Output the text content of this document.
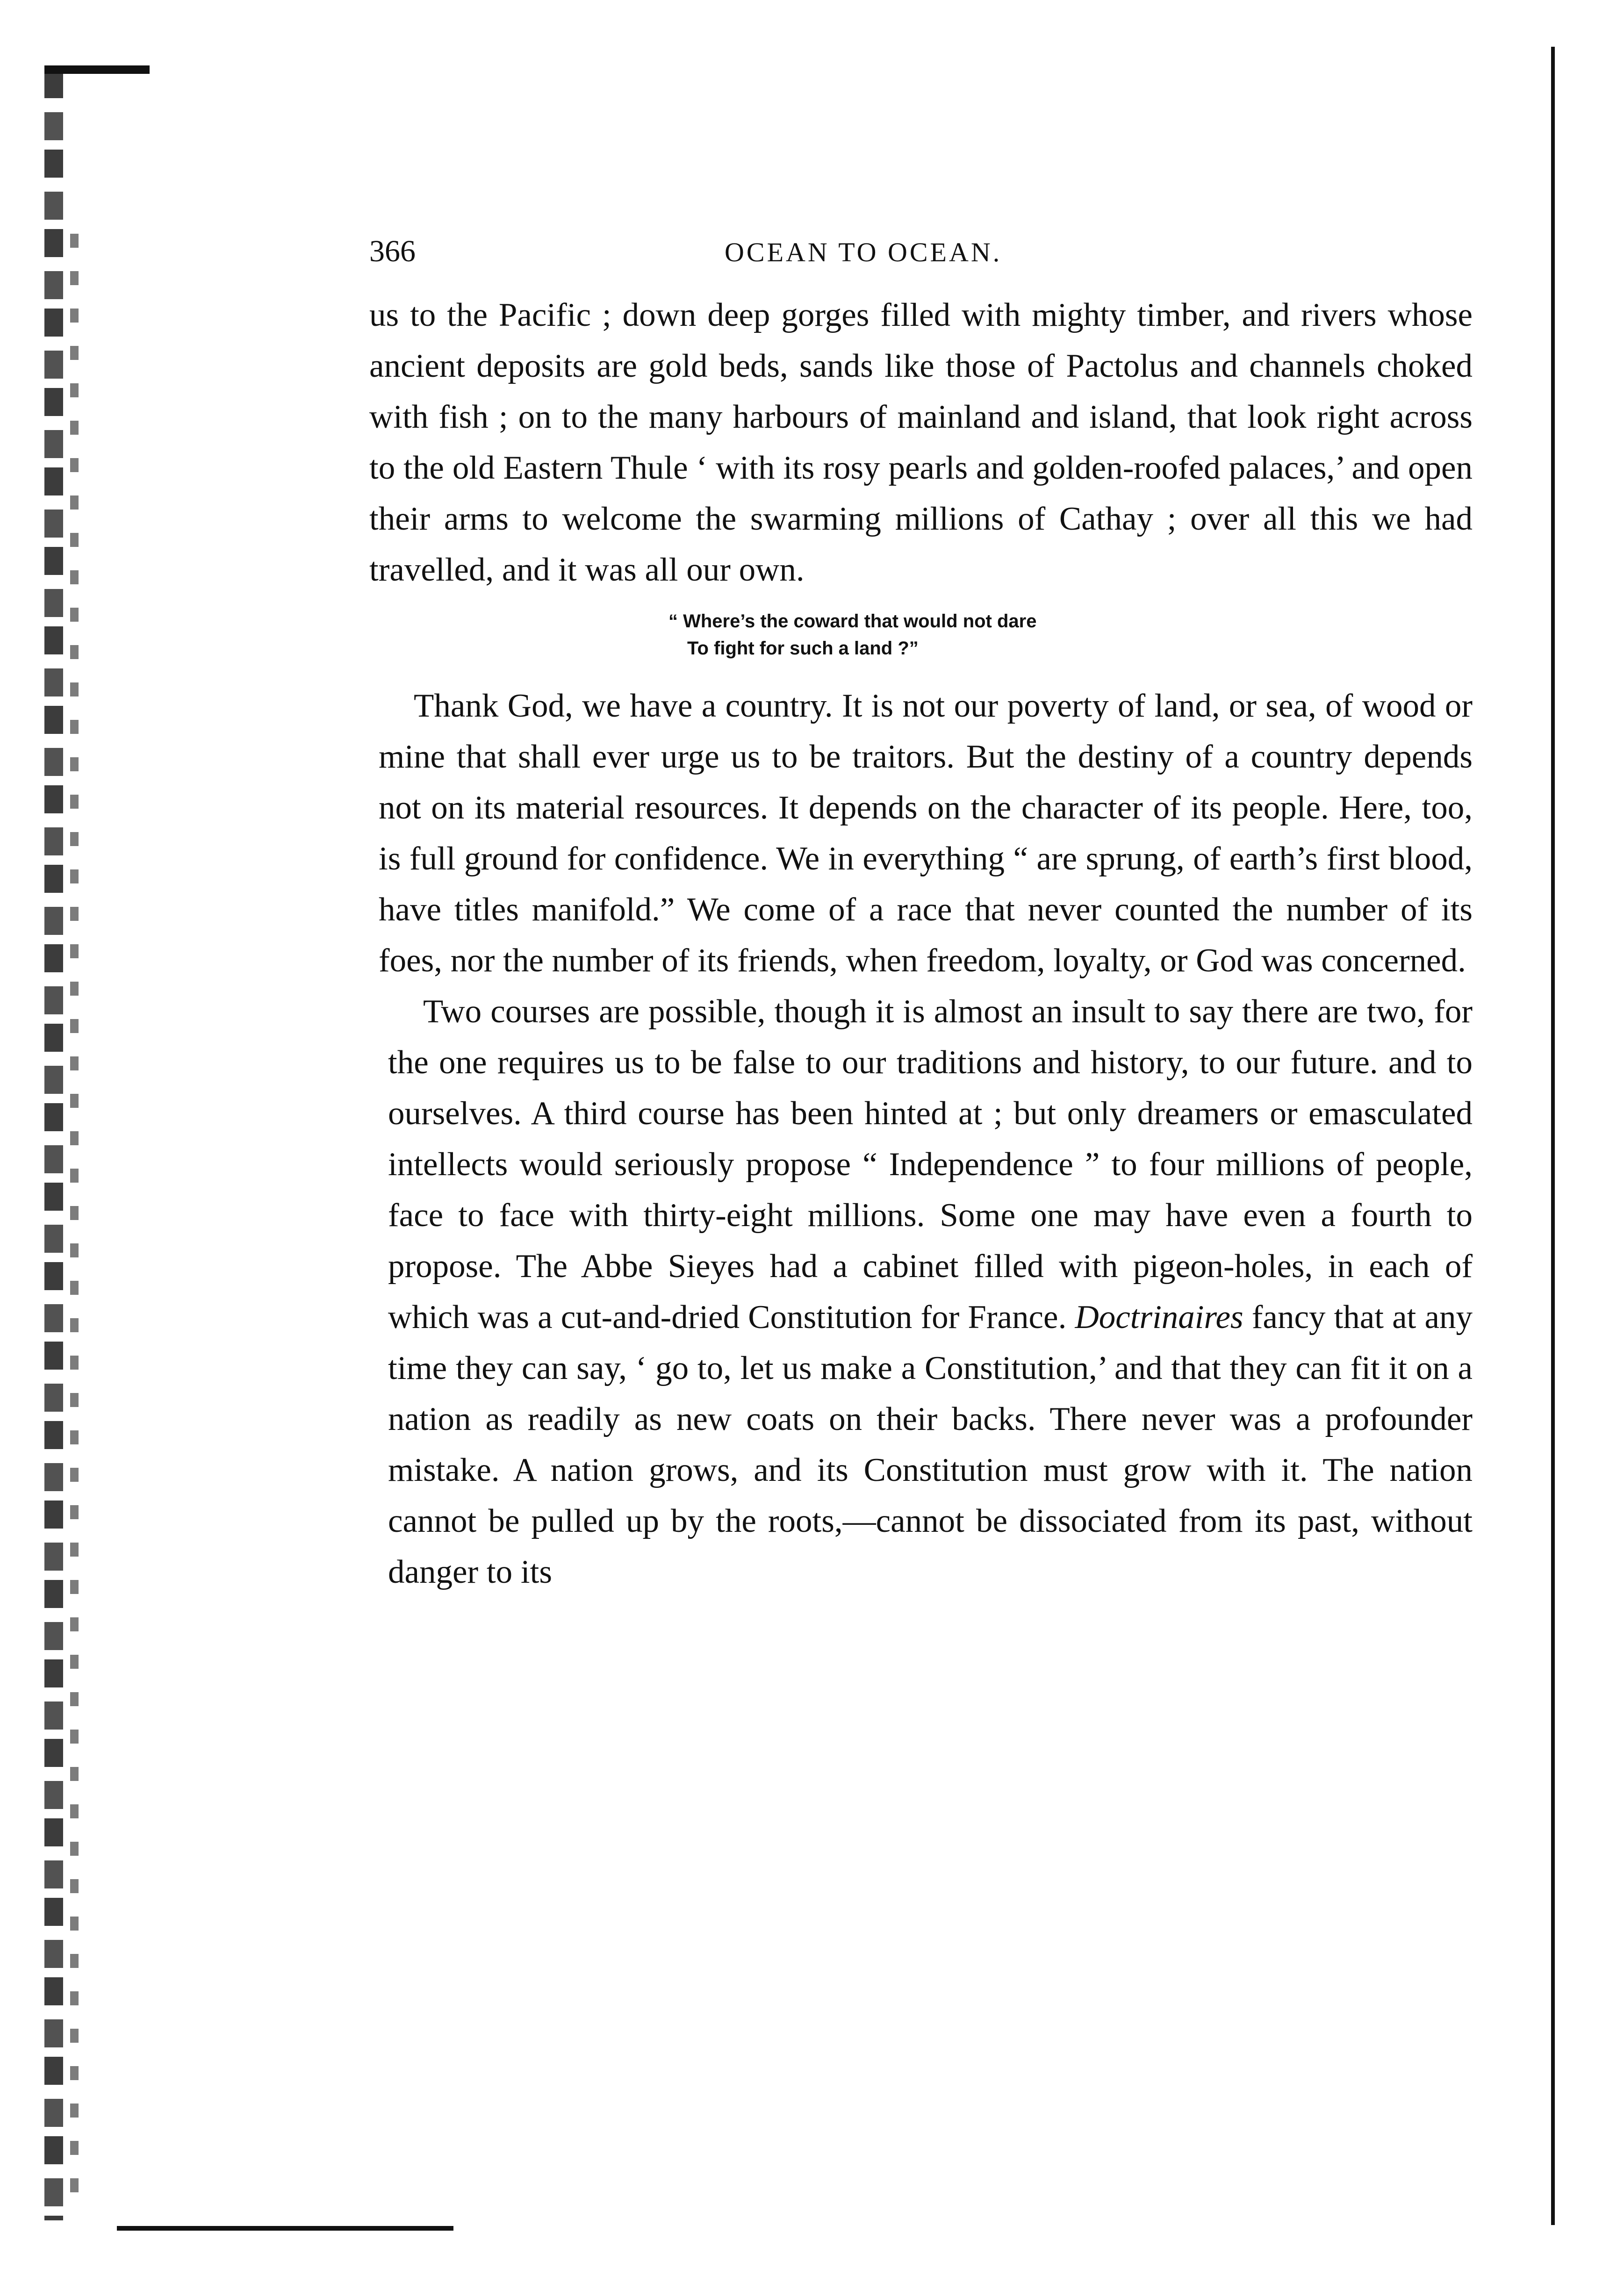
366	OCEAN TO OCEAN.

us to the Pacific ; down deep gorges filled with mighty timber, and rivers whose ancient deposits are gold beds, sands like those of Pactolus and channels choked with fish ; on to the many harbours of mainland and island, that look right across to the old Eastern Thule ‘ with its rosy pearls and golden-roofed palaces,’ and open their arms to welcome the swarming millions of Cathay ; over all this we had travelled, and it was all our own.

“ Where’s the coward that would not dare
To fight for such a land ?”

Thank God, we have a country. It is not our poverty of land, or sea, of wood or mine that shall ever urge us to be traitors. But the destiny of a country depends not on its material resources. It depends on the character of its people. Here, too, is full ground for confidence. We in everything “ are sprung, of earth’s first blood, have titles manifold.” We come of a race that never counted the number of its foes, nor the number of its friends, when freedom, loyalty, or God was concerned.

Two courses are possible, though it is almost an insult to say there are two, for the one requires us to be false to our traditions and history, to our future. and to ourselves. A third course has been hinted at ; but only dreamers or emasculated intellects would seriously propose “ Independence ” to four millions of people, face to face with thirty-eight millions. Some one may have even a fourth to propose. The Abbe Sieyes had a cabinet filled with pigeon-holes, in each of which was a cut-and-dried Constitution for France. Doctrinaires fancy that at any time they can say, ‘ go to, let us make a Constitution,’ and that they can fit it on a nation as readily as new coats on their backs. There never was a profounder mistake. A nation grows, and its Constitution must grow with it. The nation cannot be pulled up by the roots,—cannot be dissociated from its past, without danger to its
